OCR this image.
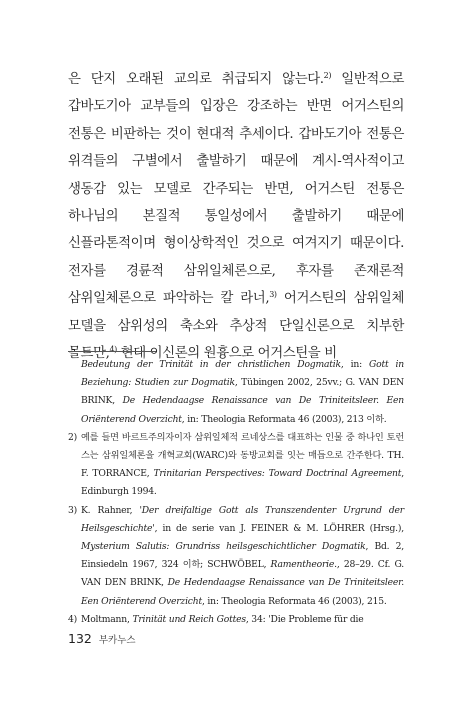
은 단지 오래된 교의로 취급되지 않는다.$^{2)}$ 일반적으로 갑바도기아 교부들의 입장은 강조하는 반면 어거스틴의 전통은 비판하는 것이 현대적 추세이다. 갑바도기아 전통은 위격들의 구별에서 출발하기 때문에 계시-역사적이고 생동감 있는 모델로 간주되는 반면, 어거스틴 전통은 하나님의 본질적 통일성에서 출발하기 때문에 신플라톤적이며 형이상학적인 것으로 여겨지기 때문이다. 전자를 경륜적 삼위일체론으로, 후자를 존재론적 삼위일체론으로 파악하는 칼 라너,$^{3)}$ 어거스틴의 삼위일체 모델을 삼위성의 축소와 추상적 단일신론으로 치부한 몰트만,$^{4)}$ 현대 이신론의 원흉으로 어거스틴을 비

Bedeutung der Trinität in der christlichen Dogmatik, in: Gott in Beziehung: Studien zur Dogmatik, Tübingen 2002, 25vv.; G. VAN DEN BRINK, De Hedendaagse Renaissance van De Triniteitsleer. Een Oriënterend Overzicht, in: Theologia Reformata 46 (2003), 213 이하.
2) 예를 들면 바르트주의자이자 삼위일체적 르네상스를 대표하는 인물 중 하나인 토런스는 삼위일체론을 개혁교회(WARC)와 동방교회를 잇는 매듭으로 간주한다. TH. F. TORRANCE, Trinitarian Perspectives: Toward Doctrinal Agreement, Edinburgh 1994.
3) K. Rahner, 'Der dreifaltige Gott als Transzendenter Urgrund der Heilsgeschichte', in de serie van J. FEINER & M. LÖHRER (Hrsg.), Mysterium Salutis: Grundriss heilsgeschichtlicher Dogmatik, Bd. 2, Einsiedeln 1967, 324 이하; SCHWÖBEL, Ramentheorie., 28–29. Cf. G. VAN DEN BRINK, De Hedendaagse Renaissance van De Triniteitsleer. Een Oriënterend Overzicht, in: Theologia Reformata 46 (2003), 215.
4) Moltmann, Trinität und Reich Gottes, 34: 'Die Probleme für die
132 부카누스
